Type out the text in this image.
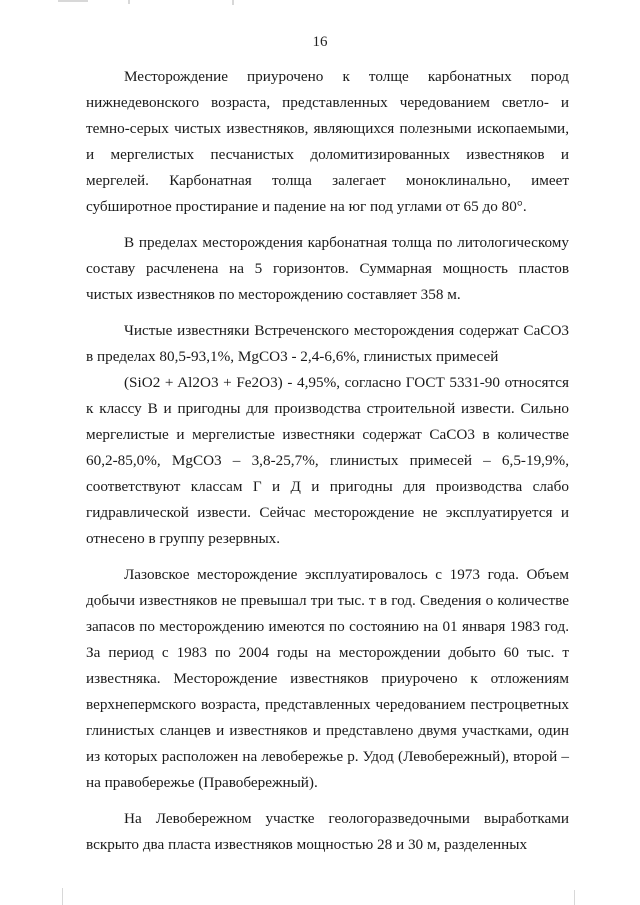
16

Месторождение приурочено к толще карбонатных пород нижнедевонского возраста, представленных чередованием светло- и темно-серых чистых известняков, являющихся полезными ископаемыми, и мергелистых песчанистых доломитизированных известняков и мергелей. Карбонатная толща залегает моноклинально, имеет субширотное простирание и падение на юг под углами от 65 до 80°.

В пределах месторождения карбонатная толща по литологическому составу расчленена на 5 горизонтов. Суммарная мощность пластов чистых известняков по месторождению составляет 358 м.

Чистые известняки Встреченского месторождения содержат CaCO3 в пределах 80,5-93,1%, MgCO3 - 2,4-6,6%, глинистых примесей

(SiO2 + Al2O3 + Fe2O3) - 4,95%, согласно ГОСТ 5331-90 относятся к классу В и пригодны для производства строительной извести. Сильно мергелистые и мергелистые известняки содержат CaCO3 в количестве 60,2-85,0%, MgCO3 – 3,8-25,7%, глинистых примесей – 6,5-19,9%, соответствуют классам Г и Д и пригодны для производства слабо гидравлической извести. Сейчас месторождение не эксплуатируется и отнесено в группу резервных.

Лазовское месторождение эксплуатировалось с 1973 года. Объем добычи известняков не превышал три тыс. т в год. Сведения о количестве запасов по месторождению имеются по состоянию на 01 января 1983 год. За период с 1983 по 2004 годы на месторождении добыто 60 тыс. т известняка. Месторождение известняков приурочено к отложениям верхнепермского возраста, представленных чередованием пестроцветных глинистых сланцев и известняков и представлено двумя участками, один из которых расположен на левобережье р. Удод (Левобережный), второй – на правобережье (Правобережный).

На Левобережном участке геологоразведочными выработками вскрыто два пласта известняков мощностью 28 и 30 м, разделенных
